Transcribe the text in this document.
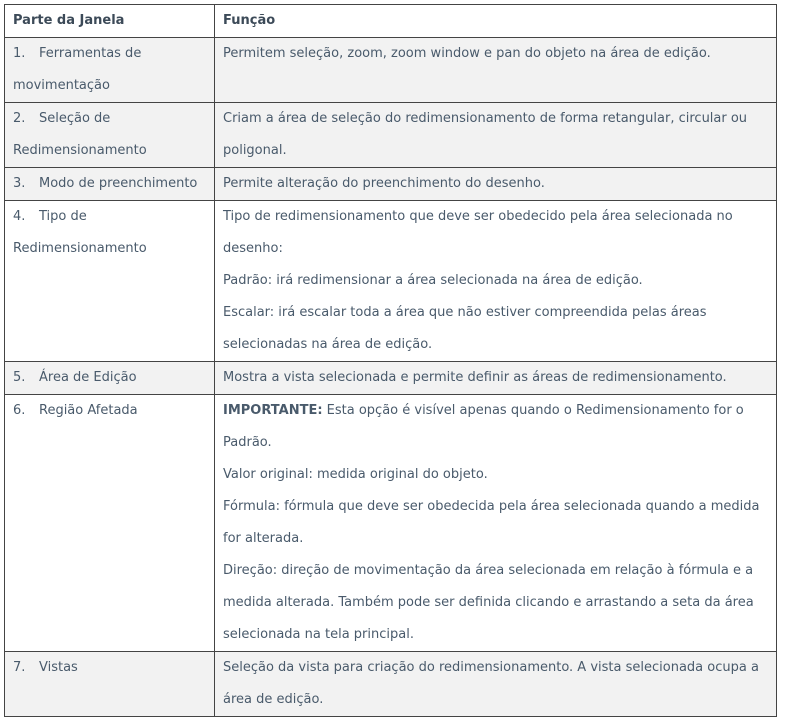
Parte da Janela	Função
1. Ferramentas de movimentação	Permitem seleção, zoom, zoom window e pan do objeto na área de edição.

2. Seleção de Redimensionamento	Criam a área de seleção do redimensionamento de forma retangular, circular ou poligonal.

3. Modo de preenchimento	Permite alteração do preenchimento do desenho.

4. Tipo de Redimensionamento	Tipo de redimensionamento que deve ser obedecido pela área selecionada no desenho:
Padrão: irá redimensionar a área selecionada na área de edição.
Escalar: irá escalar toda a área que não estiver compreendida pelas áreas selecionadas na área de edição.

5. Área de Edição	Mostra a vista selecionada e permite definir as áreas de redimensionamento.

6. Região Afetada	IMPORTANTE: Esta opção é visível apenas quando o Redimensionamento for o Padrão.
Valor original: medida original do objeto.
Fórmula: fórmula que deve ser obedecida pela área selecionada quando a medida for alterada.
Direção: direção de movimentação da área selecionada em relação à fórmula e a medida alterada. Também pode ser definida clicando e arrastando a seta da área selecionada na tela principal.

7. Vistas	Seleção da vista para criação do redimensionamento. A vista selecionada ocupa a área de edição.
